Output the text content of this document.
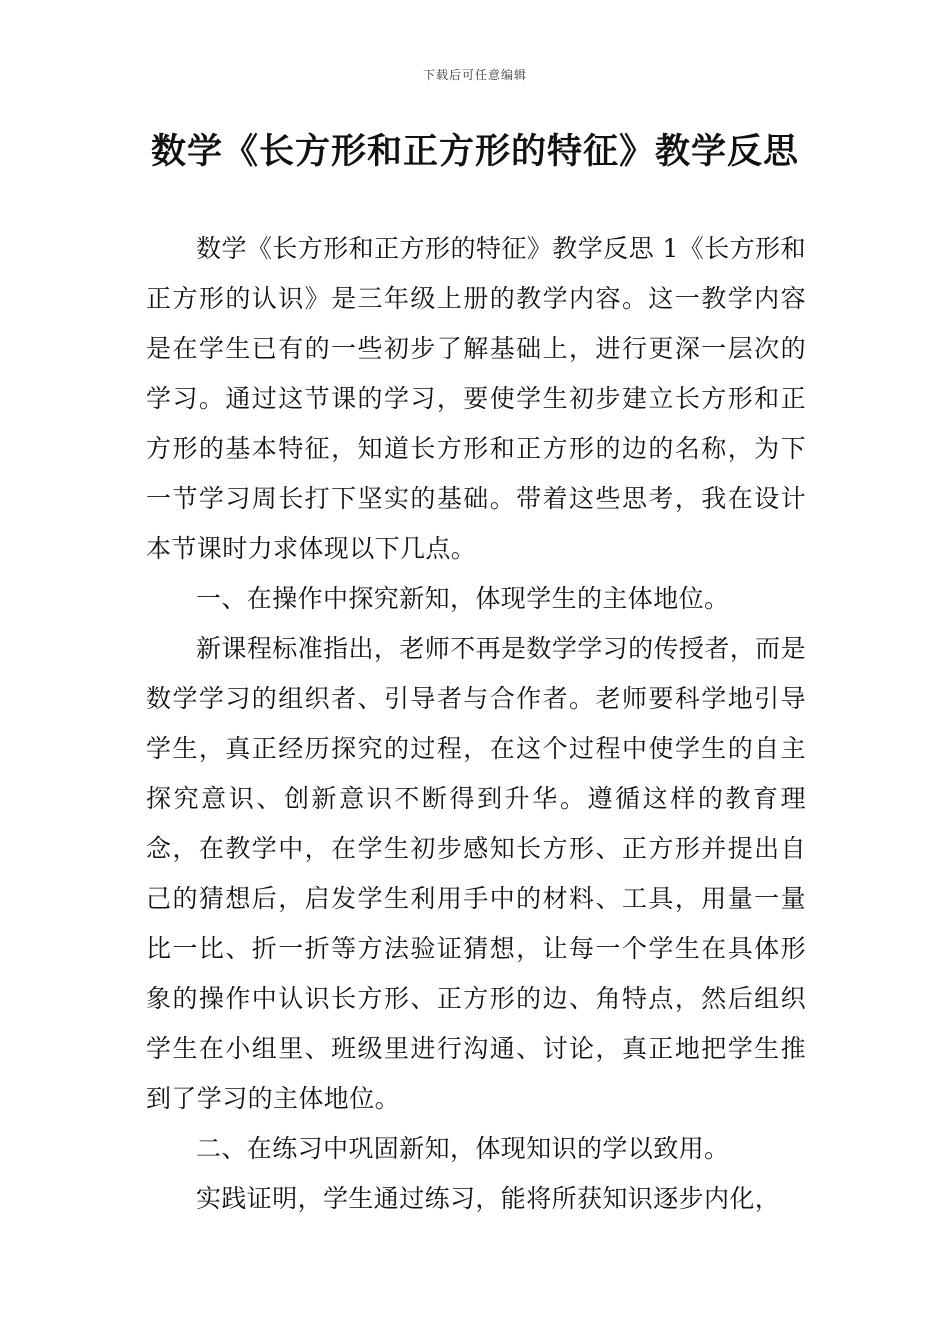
下载后可任意编辑
数学《长方形和正方形的特征》教学反思

数学《长方形和正方形的特征》教学反思 1《长方形和正方形的认识》是三年级上册的教学内容。这一教学内容是在学生已有的一些初步了解基础上，进行更深一层次的学习。通过这节课的学习，要使学生初步建立长方形和正方形的基本特征，知道长方形和正方形的边的名称，为下一节学习周长打下坚实的基础。带着这些思考，我在设计本节课时力求体现以下几点。

一、在操作中探究新知，体现学生的主体地位。

新课程标准指出，老师不再是数学学习的传授者，而是数学学习的组织者、引导者与合作者。老师要科学地引导学生，真正经历探究的过程，在这个过程中使学生的自主探究意识、创新意识不断得到升华。遵循这样的教育理念，在教学中，在学生初步感知长方形、正方形并提出自己的猜想后，启发学生利用手中的材料、工具，用量一量比一比、折一折等方法验证猜想，让每一个学生在具体形象的操作中认识长方形、正方形的边、角特点，然后组织学生在小组里、班级里进行沟通、讨论，真正地把学生推到了学习的主体地位。

二、在练习中巩固新知，体现知识的学以致用。

实践证明，学生通过练习，能将所获知识逐步内化，
